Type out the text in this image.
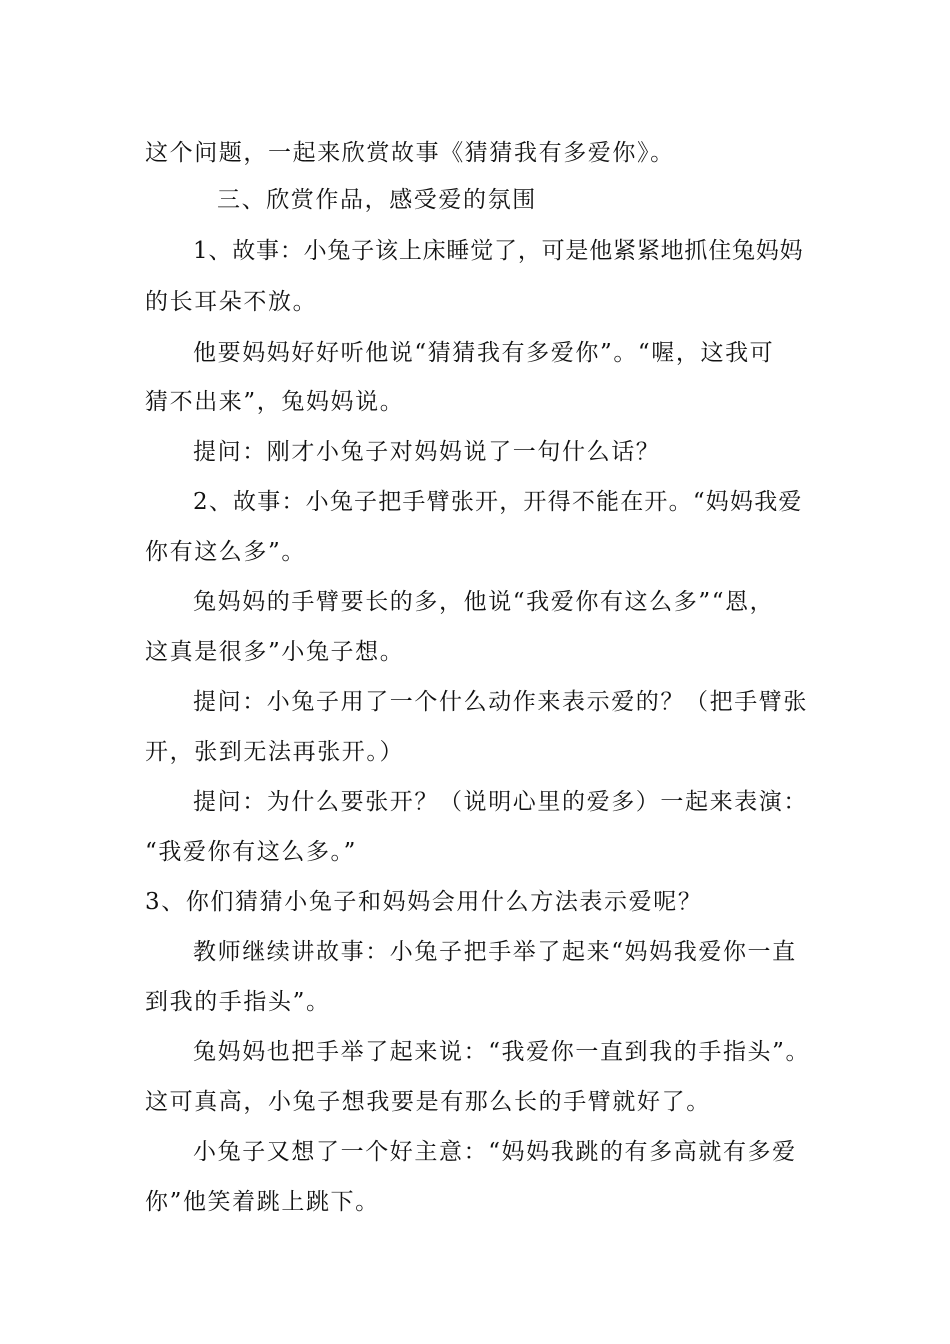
这个问题，一起来欣赏故事《猜猜我有多爱你》。
三、欣赏作品，感受爱的氛围
1、故事：小兔子该上床睡觉了，可是他紧紧地抓住兔妈妈
的长耳朵不放。
他要妈妈好好听他说“猜猜我有多爱你”。“喔，这我可
猜不出来”，兔妈妈说。
提问：刚才小兔子对妈妈说了一句什么话？
2、故事：小兔子把手臂张开，开得不能在开。“妈妈我爱
你有这么多”。
兔妈妈的手臂要长的多，他说“我爱你有这么多”“恩，
这真是很多”小兔子想。
提问：小兔子用了一个什么动作来表示爱的？（把手臂张
开，张到无法再张开。）
提问：为什么要张开？（说明心里的爱多）一起来表演：
“我爱你有这么多。”
3、你们猜猜小兔子和妈妈会用什么方法表示爱呢？
教师继续讲故事：小兔子把手举了起来“妈妈我爱你一直
到我的手指头”。
兔妈妈也把手举了起来说：“我爱你一直到我的手指头”。
这可真高，小兔子想我要是有那么长的手臂就好了。
小兔子又想了一个好主意：“妈妈我跳的有多高就有多爱
你”他笑着跳上跳下。
